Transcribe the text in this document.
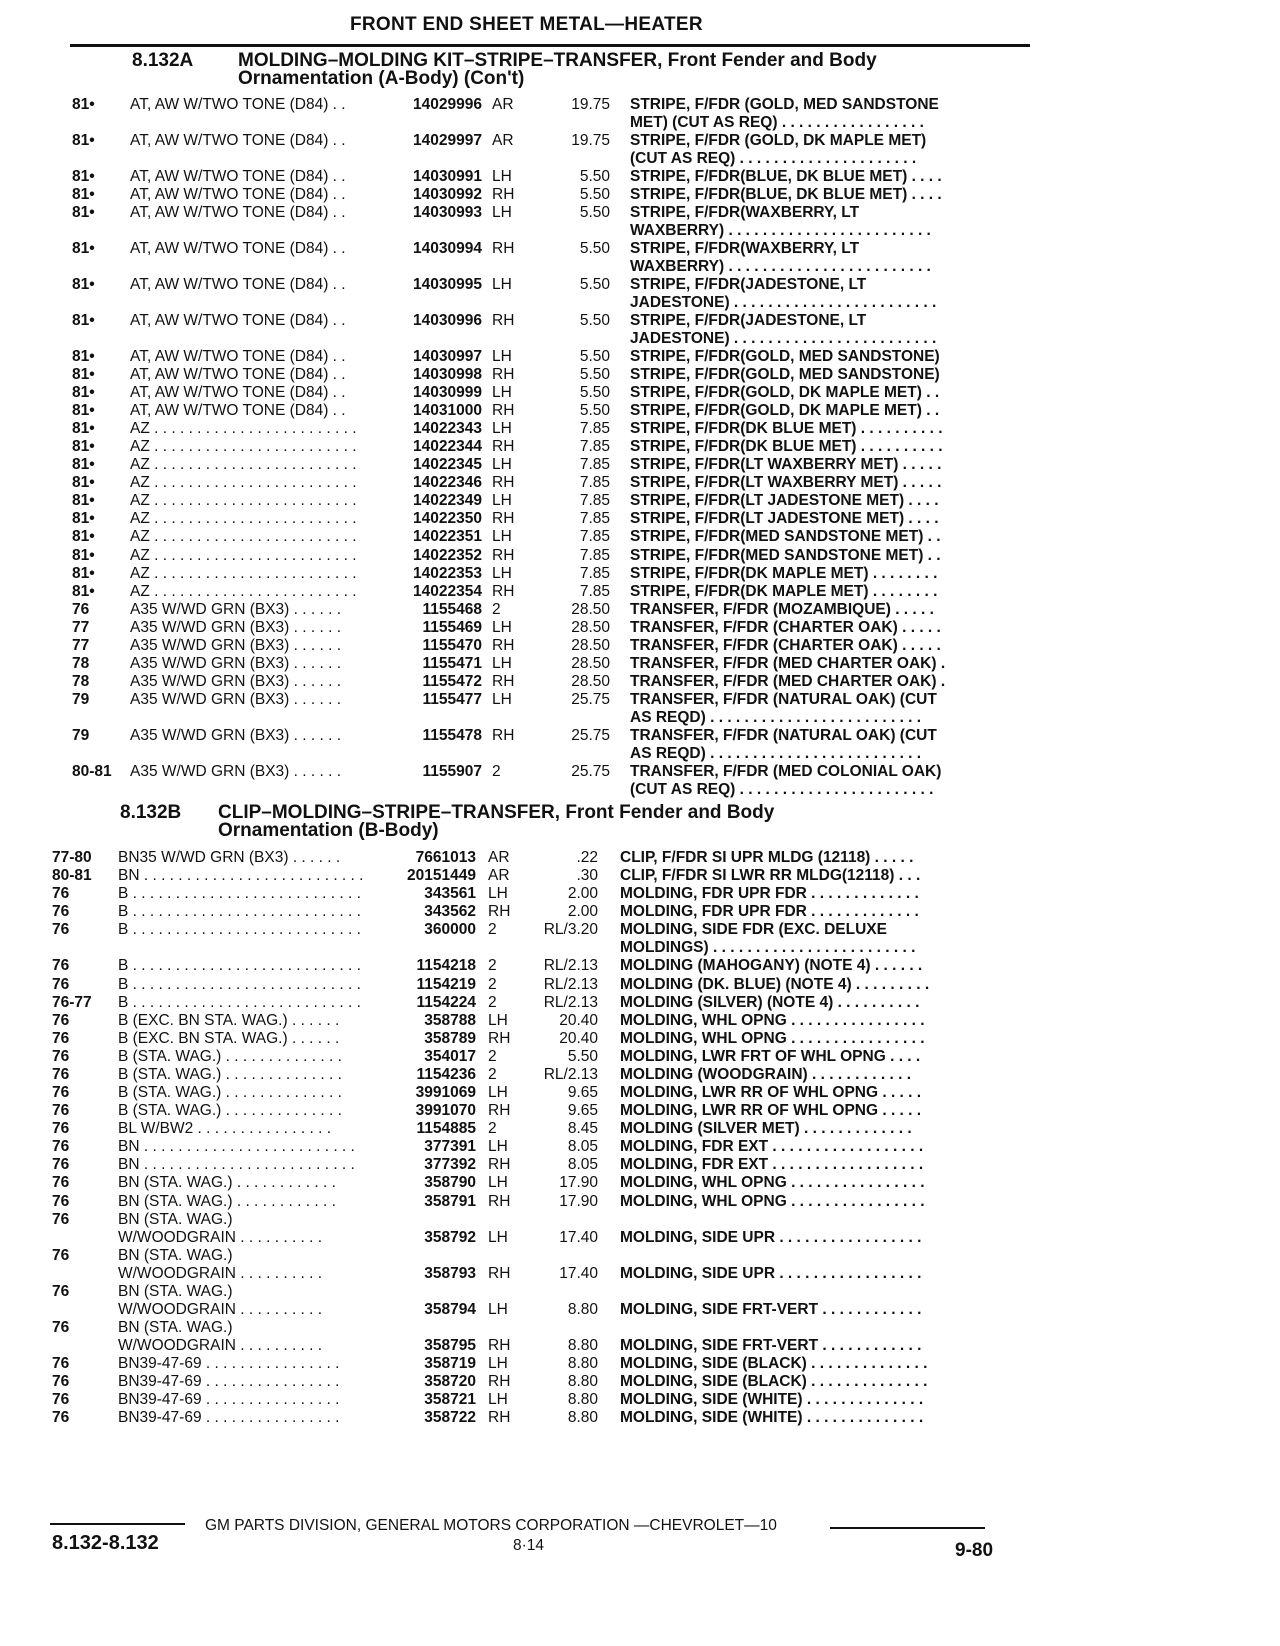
FRONT END SHEET METAL—HEATER
8.132A MOLDING–MOLDING KIT–STRIPE–TRANSFER, Front Fender and Body
Ornamentation (A-Body) (Con't)
81•	AT, AW W/TWO TONE (D84) . .	14029996 AR	19.75 STRIPE, F/FDR (GOLD, MED SANDSTONE
MET) (CUT AS REQ) . . . . . . . . . . . . . . . . .
81•	AT, AW W/TWO TONE (D84) . .	14029997 AR	19.75 STRIPE, F/FDR (GOLD, DK MAPLE MET)
(CUT AS REQ) . . . . . . . . . . . . . . . . . . . . .
81•	AT, AW W/TWO TONE (D84) . .	14030991 LH	5.50 STRIPE, F/FDR(BLUE, DK BLUE MET) . . . .
81•	AT, AW W/TWO TONE (D84) . .	14030992 RH	5.50 STRIPE, F/FDR(BLUE, DK BLUE MET) . . . .
81•	AT, AW W/TWO TONE (D84) . .	14030993 LH	5.50 STRIPE, F/FDR(WAXBERRY, LT
WAXBERRY) . . . . . . . . . . . . . . . . . . . . . . . .
81•	AT, AW W/TWO TONE (D84) . .	14030994 RH	5.50 STRIPE, F/FDR(WAXBERRY, LT
WAXBERRY) . . . . . . . . . . . . . . . . . . . . . . . .
81•	AT, AW W/TWO TONE (D84) . .	14030995 LH	5.50 STRIPE, F/FDR(JADESTONE, LT
JADESTONE) . . . . . . . . . . . . . . . . . . . . . . . .
81•	AT, AW W/TWO TONE (D84) . .	14030996 RH	5.50 STRIPE, F/FDR(JADESTONE, LT
JADESTONE) . . . . . . . . . . . . . . . . . . . . . . . .
81•	AT, AW W/TWO TONE (D84) . .	14030997 LH	5.50 STRIPE, F/FDR(GOLD, MED SANDSTONE)
81•	AT, AW W/TWO TONE (D84) . .	14030998 RH	5.50 STRIPE, F/FDR(GOLD, MED SANDSTONE)
81•	AT, AW W/TWO TONE (D84) . .	14030999 LH	5.50 STRIPE, F/FDR(GOLD, DK MAPLE MET) . .
81•	AT, AW W/TWO TONE (D84) . .	14031000 RH	5.50 STRIPE, F/FDR(GOLD, DK MAPLE MET) . .
81•	AZ . . . . . . . . . . . . . . . . . . . . . . . .	14022343 LH	7.85 STRIPE, F/FDR(DK BLUE MET) . . . . . . . . . .
81•	AZ . . . . . . . . . . . . . . . . . . . . . . . .	14022344 RH	7.85 STRIPE, F/FDR(DK BLUE MET) . . . . . . . . . .
81•	AZ . . . . . . . . . . . . . . . . . . . . . . . .	14022345 LH	7.85 STRIPE, F/FDR(LT WAXBERRY MET) . . . . .
81•	AZ . . . . . . . . . . . . . . . . . . . . . . . .	14022346 RH	7.85 STRIPE, F/FDR(LT WAXBERRY MET) . . . . .
81•	AZ . . . . . . . . . . . . . . . . . . . . . . . .	14022349 LH	7.85 STRIPE, F/FDR(LT JADESTONE MET) . . . .
81•	AZ . . . . . . . . . . . . . . . . . . . . . . . .	14022350 RH	7.85 STRIPE, F/FDR(LT JADESTONE MET) . . . .
81•	AZ . . . . . . . . . . . . . . . . . . . . . . . .	14022351 LH	7.85 STRIPE, F/FDR(MED SANDSTONE MET) . .
81•	AZ . . . . . . . . . . . . . . . . . . . . . . . .	14022352 RH	7.85 STRIPE, F/FDR(MED SANDSTONE MET) . .
81•	AZ . . . . . . . . . . . . . . . . . . . . . . . .	14022353 LH	7.85 STRIPE, F/FDR(DK MAPLE MET) . . . . . . . .
81•	AZ . . . . . . . . . . . . . . . . . . . . . . . .	14022354 RH	7.85 STRIPE, F/FDR(DK MAPLE MET) . . . . . . . .
76	A35 W/WD GRN (BX3) . . . . . .	1155468 2	28.50 TRANSFER, F/FDR (MOZAMBIQUE) . . . . .
77	A35 W/WD GRN (BX3) . . . . . .	1155469 LH	28.50 TRANSFER, F/FDR (CHARTER OAK) . . . . .
77	A35 W/WD GRN (BX3) . . . . . .	1155470 RH	28.50 TRANSFER, F/FDR (CHARTER OAK) . . . . .
78	A35 W/WD GRN (BX3) . . . . . .	1155471 LH	28.50 TRANSFER, F/FDR (MED CHARTER OAK) .
78	A35 W/WD GRN (BX3) . . . . . .	1155472 RH	28.50 TRANSFER, F/FDR (MED CHARTER OAK) .
79	A35 W/WD GRN (BX3) . . . . . .	1155477 LH	25.75 TRANSFER, F/FDR (NATURAL OAK) (CUT
AS REQD) . . . . . . . . . . . . . . . . . . . . . . . . .
79	A35 W/WD GRN (BX3) . . . . . .	1155478 RH	25.75 TRANSFER, F/FDR (NATURAL OAK) (CUT
AS REQD) . . . . . . . . . . . . . . . . . . . . . . . . .
80-81	A35 W/WD GRN (BX3) . . . . . .	1155907 2	25.75 TRANSFER, F/FDR (MED COLONIAL OAK)
(CUT AS REQ) . . . . . . . . . . . . . . . . . . . . . . .
8.132B CLIP–MOLDING–STRIPE–TRANSFER, Front Fender and Body
Ornamentation (B-Body)
77-80	BN35 W/WD GRN (BX3) . . . . . .	7661013 AR	.22 CLIP, F/FDR SI UPR MLDG (12118) . . . . .
80-81	BN . . . . . . . . . . . . . . . . . . . . . . . . . .	20151449 AR	.30 CLIP, F/FDR SI LWR RR MLDG(12118) . . .
76	B . . . . . . . . . . . . . . . . . . . . . . . . . . .	343561 LH	2.00 MOLDING, FDR UPR FDR . . . . . . . . . . . . .
76	B . . . . . . . . . . . . . . . . . . . . . . . . . . .	343562 RH	2.00 MOLDING, FDR UPR FDR . . . . . . . . . . . . .
76	B . . . . . . . . . . . . . . . . . . . . . . . . . . .	360000 2	RL/3.20 MOLDING, SIDE FDR (EXC. DELUXE
MOLDINGS) . . . . . . . . . . . . . . . . . . . . . . . .
76	B . . . . . . . . . . . . . . . . . . . . . . . . . . .	1154218 2	RL/2.13 MOLDING (MAHOGANY) (NOTE 4) . . . . . .
76	B . . . . . . . . . . . . . . . . . . . . . . . . . . .	1154219 2	RL/2.13 MOLDING (DK. BLUE) (NOTE 4) . . . . . . . . .
76-77	B . . . . . . . . . . . . . . . . . . . . . . . . . . .	1154224 2	RL/2.13 MOLDING (SILVER) (NOTE 4) . . . . . . . . . .
76	B (EXC. BN STA. WAG.) . . . . . .	358788 LH	20.40 MOLDING, WHL OPNG . . . . . . . . . . . . . . . .
76	B (EXC. BN STA. WAG.) . . . . . .	358789 RH	20.40 MOLDING, WHL OPNG . . . . . . . . . . . . . . . .
76	B (STA. WAG.) . . . . . . . . . . . . . .	354017 2	5.50 MOLDING, LWR FRT OF WHL OPNG . . . .
76	B (STA. WAG.) . . . . . . . . . . . . . .	1154236 2	RL/2.13 MOLDING (WOODGRAIN) . . . . . . . . . . . .
76	B (STA. WAG.) . . . . . . . . . . . . . .	3991069 LH	9.65 MOLDING, LWR RR OF WHL OPNG . . . . .
76	B (STA. WAG.) . . . . . . . . . . . . . .	3991070 RH	9.65 MOLDING, LWR RR OF WHL OPNG . . . . .
76	BL W/BW2 . . . . . . . . . . . . . . . .	1154885 2	8.45 MOLDING (SILVER MET) . . . . . . . . . . . . .
76	BN . . . . . . . . . . . . . . . . . . . . . . . . .	377391 LH	8.05 MOLDING, FDR EXT . . . . . . . . . . . . . . . . . .
76	BN . . . . . . . . . . . . . . . . . . . . . . . . .	377392 RH	8.05 MOLDING, FDR EXT . . . . . . . . . . . . . . . . . .
76	BN (STA. WAG.) . . . . . . . . . . . .	358790 LH	17.90 MOLDING, WHL OPNG . . . . . . . . . . . . . . . .
76	BN (STA. WAG.) . . . . . . . . . . . .	358791 RH	17.90 MOLDING, WHL OPNG . . . . . . . . . . . . . . . .
76	BN (STA. WAG.)
W/WOODGRAIN . . . . . . . . . .	358792 LH	17.40 MOLDING, SIDE UPR . . . . . . . . . . . . . . . . .
76	BN (STA. WAG.)
W/WOODGRAIN . . . . . . . . . .	358793 RH	17.40 MOLDING, SIDE UPR . . . . . . . . . . . . . . . . .
76	BN (STA. WAG.)
W/WOODGRAIN . . . . . . . . . .	358794 LH	8.80 MOLDING, SIDE FRT-VERT . . . . . . . . . . . .
76	BN (STA. WAG.)
W/WOODGRAIN . . . . . . . . . .	358795 RH	8.80 MOLDING, SIDE FRT-VERT . . . . . . . . . . . .
76	BN39-47-69 . . . . . . . . . . . . . . . .	358719 LH	8.80 MOLDING, SIDE (BLACK) . . . . . . . . . . . . . .
76	BN39-47-69 . . . . . . . . . . . . . . . .	358720 RH	8.80 MOLDING, SIDE (BLACK) . . . . . . . . . . . . . .
76	BN39-47-69 . . . . . . . . . . . . . . . .	358721 LH	8.80 MOLDING, SIDE (WHITE) . . . . . . . . . . . . . .
76	BN39-47-69 . . . . . . . . . . . . . . . .	358722 RH	8.80 MOLDING, SIDE (WHITE) . . . . . . . . . . . . . .
GM PARTS DIVISION, GENERAL MOTORS CORPORATION —CHEVROLET—10
8.132-8.132	8·14	9-80
